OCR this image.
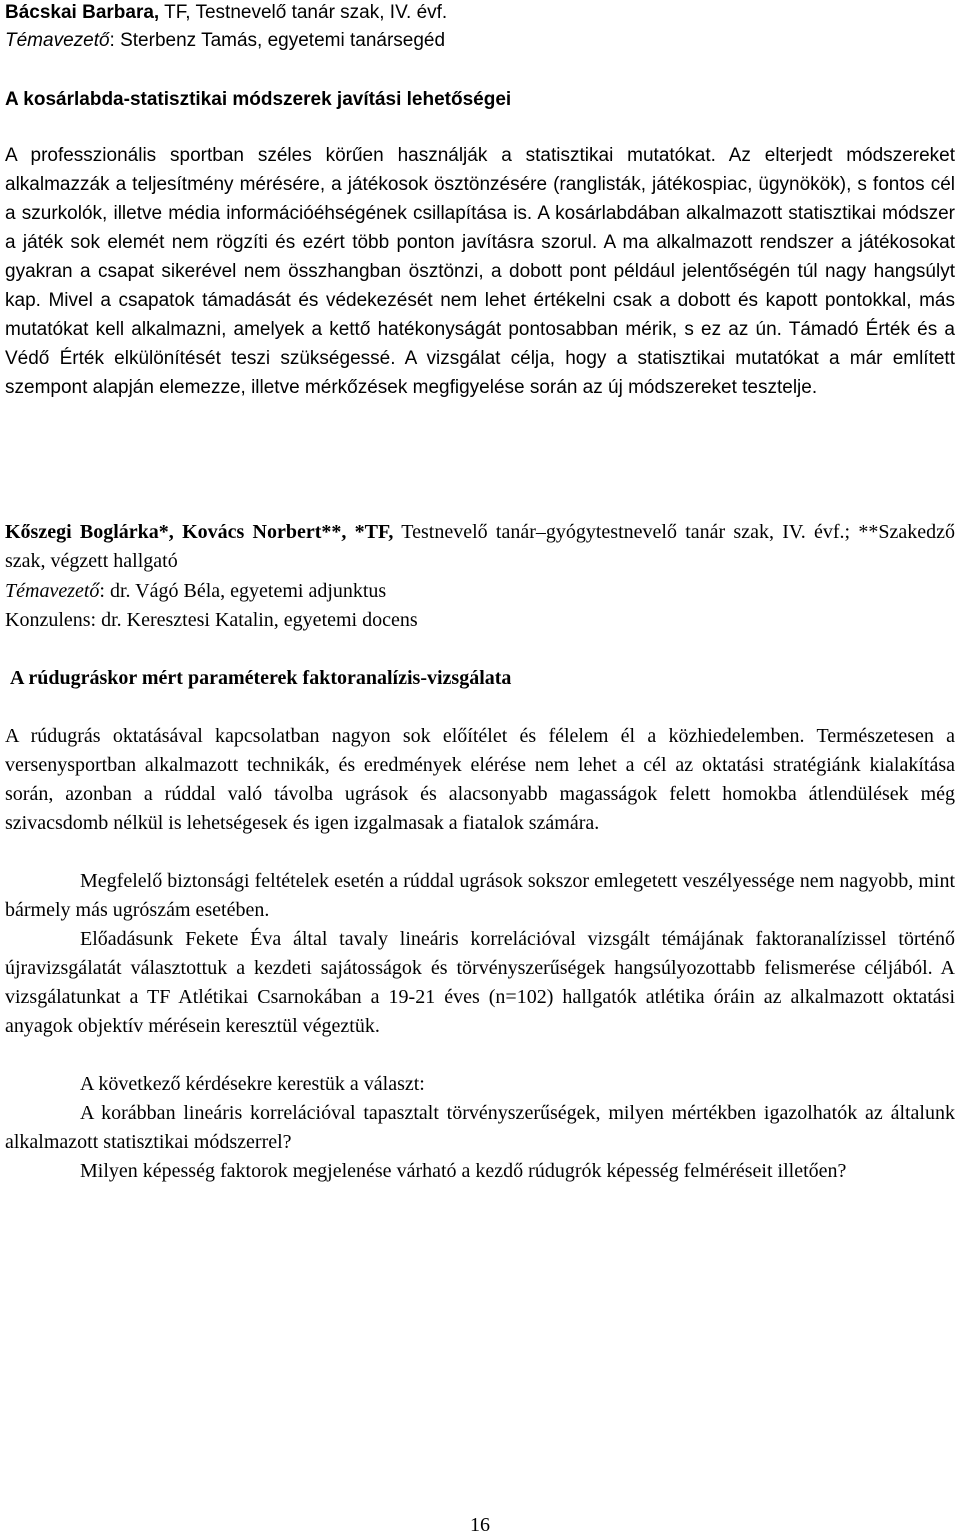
Bácskai Barbara, TF, Testnevelő tanár szak, IV. évf.
Témavezető: Sterbenz Tamás, egyetemi tanársegéd
A kosárlabda-statisztikai módszerek javítási lehetőségei

A professzionális sportban széles körűen használják a statisztikai mutatókat. Az elterjedt módszereket alkalmazzák a teljesítmény mérésére, a játékosok ösztönzésére (ranglisták, játékospiac, ügynökök), s fontos cél a szurkolók, illetve média információéhségének csillapítása is. A kosárlabdában alkalmazott statisztikai módszer a játék sok elemét nem rögzíti és ezért több ponton javításra szorul. A ma alkalmazott rendszer a játékosokat gyakran a csapat sikerével nem összhangban ösztönzi, a dobott pont például jelentőségén túl nagy hangsúlyt kap. Mivel a csapatok támadását és védekezését nem lehet értékelni csak a dobott és kapott pontokkal, más mutatókat kell alkalmazni, amelyek a kettő hatékonyságát pontosabban mérik, s ez az ún. Támadó Érték és a Védő Érték elkülönítését teszi szükségessé. A vizsgálat célja, hogy a statisztikai mutatókat a már említett szempont alapján elemezze, illetve mérkőzések megfigyelése során az új módszereket tesztelje.

Kőszegi Boglárka*, Kovács Norbert**, *TF, Testnevelő tanár–gyógytestnevelő tanár szak, IV. évf.; **Szakedző szak, végzett hallgató

Témavezető: dr. Vágó Béla, egyetemi adjunktus
Konzulens: dr. Keresztesi Katalin, egyetemi docens
A rúdugráskor mért paraméterek faktoranalízis-vizsgálata

A rúdugrás oktatásával kapcsolatban nagyon sok előítélet és félelem él a közhiedelemben. Természetesen a versenysportban alkalmazott technikák, és eredmények elérése nem lehet a cél az oktatási stratégiánk kialakítása során, azonban a rúddal való távolba ugrások és alacsonyabb magasságok felett homokba átlendülések még szivacsdomb nélkül is lehetségesek és igen izgalmasak a fiatalok számára.

Megfelelő biztonsági feltételek esetén a rúddal ugrások sokszor emlegetett veszélyessége nem nagyobb, mint bármely más ugrószám esetében.

Előadásunk Fekete Éva által tavaly lineáris korrelációval vizsgált témájának faktoranalízissel történő újravizsgálatát választottuk a kezdeti sajátosságok és törvényszerűségek hangsúlyozottabb felismerése céljából. A vizsgálatunkat a TF Atlétikai Csarnokában a 19-21 éves (n=102) hallgatók atlétika óráin az alkalmazott oktatási anyagok objektív mérésein keresztül végeztük.

A következő kérdésekre kerestük a választ:

A korábban lineáris korrelációval tapasztalt törvényszerűségek, milyen mértékben igazolhatók az általunk alkalmazott statisztikai módszerrel?

Milyen képesség faktorok megjelenése várható a kezdő rúdugrók képesség felméréseit illetően?

16
